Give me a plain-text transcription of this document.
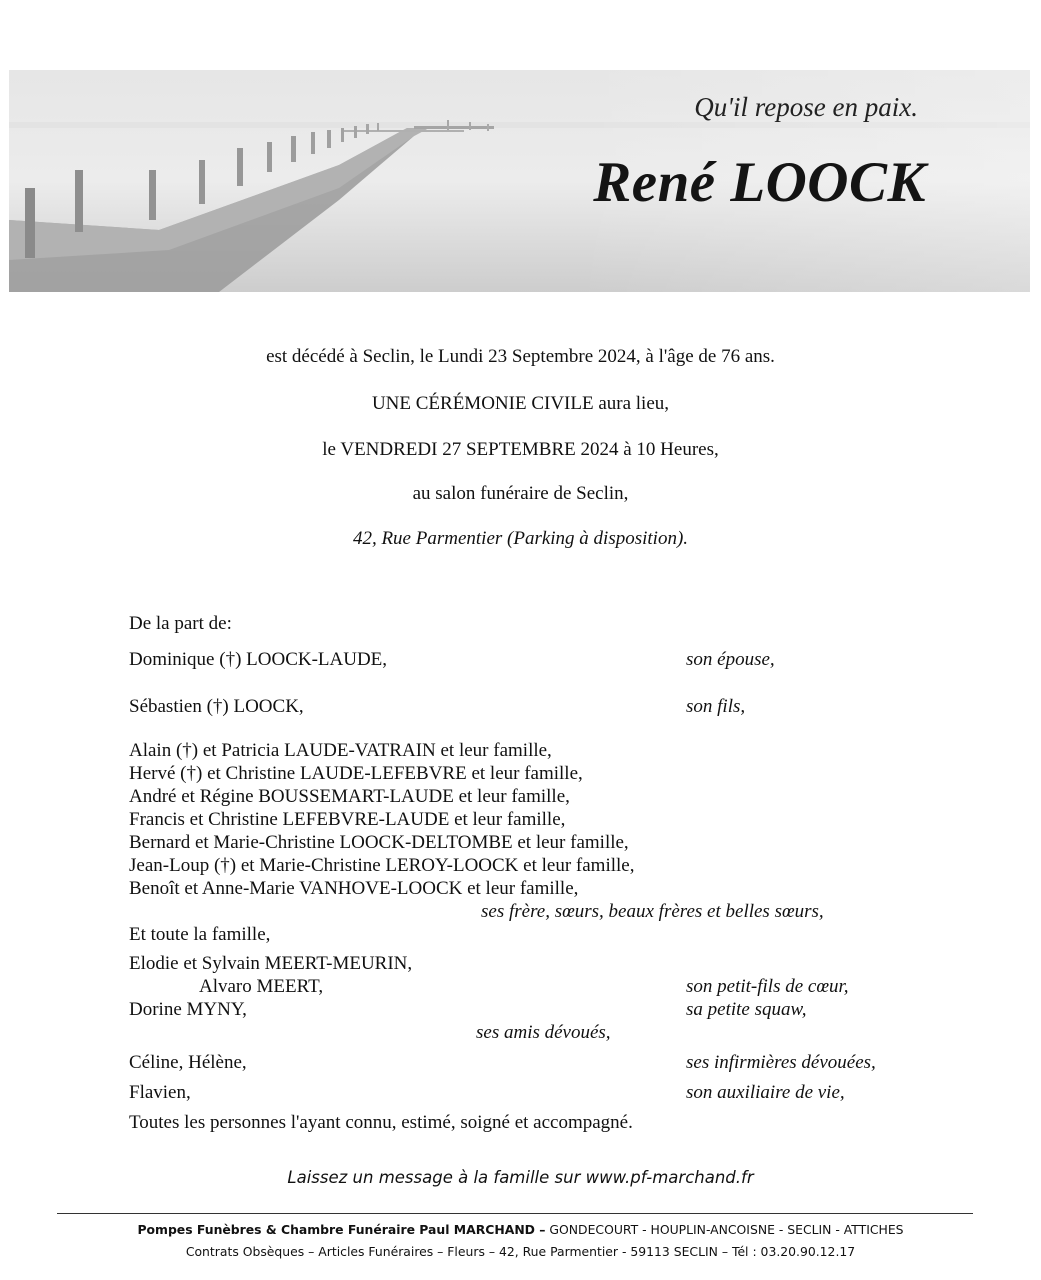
Qu'il repose en paix.
René LOOCK
est décédé à Seclin, le Lundi 23 Septembre 2024, à l'âge de 76 ans.
UNE CÉRÉMONIE CIVILE aura lieu,
le VENDREDI 27 SEPTEMBRE 2024 à 10 Heures,
au salon funéraire de Seclin,
42, Rue Parmentier (Parking à disposition).
De la part de:
Dominique (†) LOOCK-LAUDE,	son épouse,
Sébastien (†) LOOCK,	son fils,
Alain (†) et Patricia LAUDE-VATRAIN et leur famille,
Hervé (†) et Christine LAUDE-LEFEBVRE et leur famille,
André et Régine BOUSSEMART-LAUDE et leur famille,
Francis et Christine LEFEBVRE-LAUDE et leur famille,
Bernard et Marie-Christine LOOCK-DELTOMBE et leur famille,
Jean-Loup (†) et Marie-Christine LEROY-LOOCK et leur famille,
Benoît et Anne-Marie VANHOVE-LOOCK et leur famille,
ses frère, sœurs, beaux frères et belles sœurs,
Et toute la famille,
Elodie et Sylvain MEERT-MEURIN,
Alvaro MEERT,	son petit-fils de cœur,
Dorine MYNY,	sa petite squaw,
ses amis dévoués,
Céline, Hélène,	ses infirmières dévouées,
Flavien,	son auxiliaire de vie,
Toutes les personnes l'ayant connu, estimé, soigné et accompagné.
Laissez un message à la famille sur www.pf-marchand.fr
Pompes Funèbres & Chambre Funéraire Paul MARCHAND – GONDECOURT - HOUPLIN-ANCOISNE - SECLIN - ATTICHES
Contrats Obsèques – Articles Funéraires – Fleurs – 42, Rue Parmentier - 59113 SECLIN – Tél : 03.20.90.12.17
